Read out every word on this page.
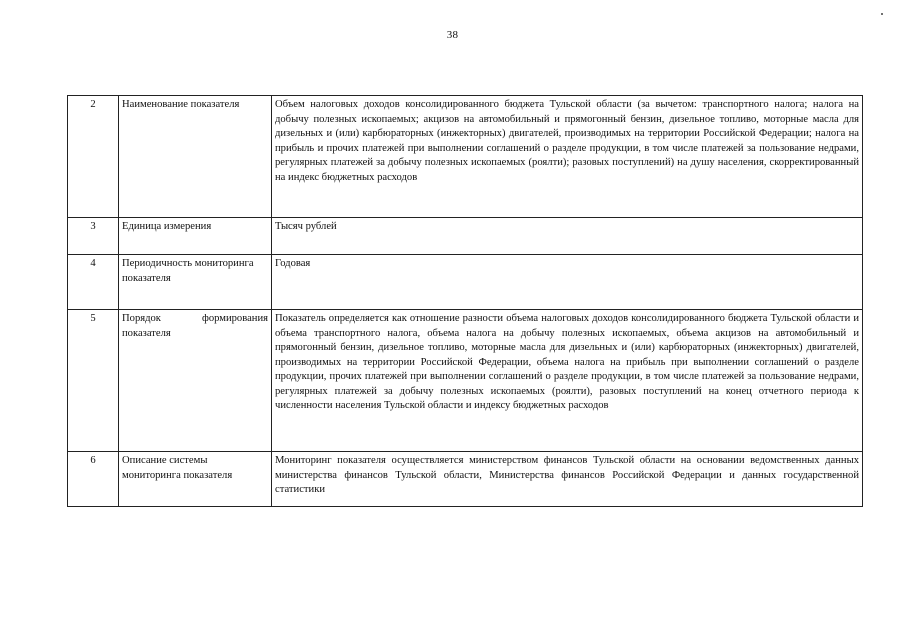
38
2	Наименование показателя	Объем налоговых доходов консолидированного бюджета Тульской области (за вычетом: транспортного налога; налога на добычу полезных ископаемых; акцизов на автомобильный и прямогонный бензин, дизельное топливо, моторные масла для дизельных и (или) карбюраторных (инжекторных) двигателей, производимых на территории Российской Федерации; налога на прибыль и прочих платежей при выполнении соглашений о разделе продукции, в том числе платежей за пользование недрами, регулярных платежей за добычу полезных ископаемых (роялти); разовых поступлений) на душу населения, скорректированный на индекс бюджетных расходов
3	Единица измерения	Тысяч рублей
4	Периодичность мониторинга показателя	Годовая
5	Порядок формирования показателя	Показатель определяется как отношение разности объема налоговых доходов консолидированного бюджета Тульской области и объема транспортного налога, объема налога на добычу полезных ископаемых, объема акцизов на автомобильный и прямогонный бензин, дизельное топливо, моторные масла для дизельных и (или) карбюраторных (инжекторных) двигателей, производимых на территории Российской Федерации, объема налога на прибыль при выполнении соглашений о разделе продукции, прочих платежей при выполнении соглашений о разделе продукции, в том числе платежей за пользование недрами, регулярных платежей за добычу полезных ископаемых (роялти), разовых поступлений на конец отчетного периода к численности населения Тульской области и индексу бюджетных расходов
6	Описание системы мониторинга показателя	Мониторинг показателя осуществляется министерством финансов Тульской области на основании ведомственных данных министерства финансов Тульской области, Министерства финансов Российской Федерации и данных государственной статистики
